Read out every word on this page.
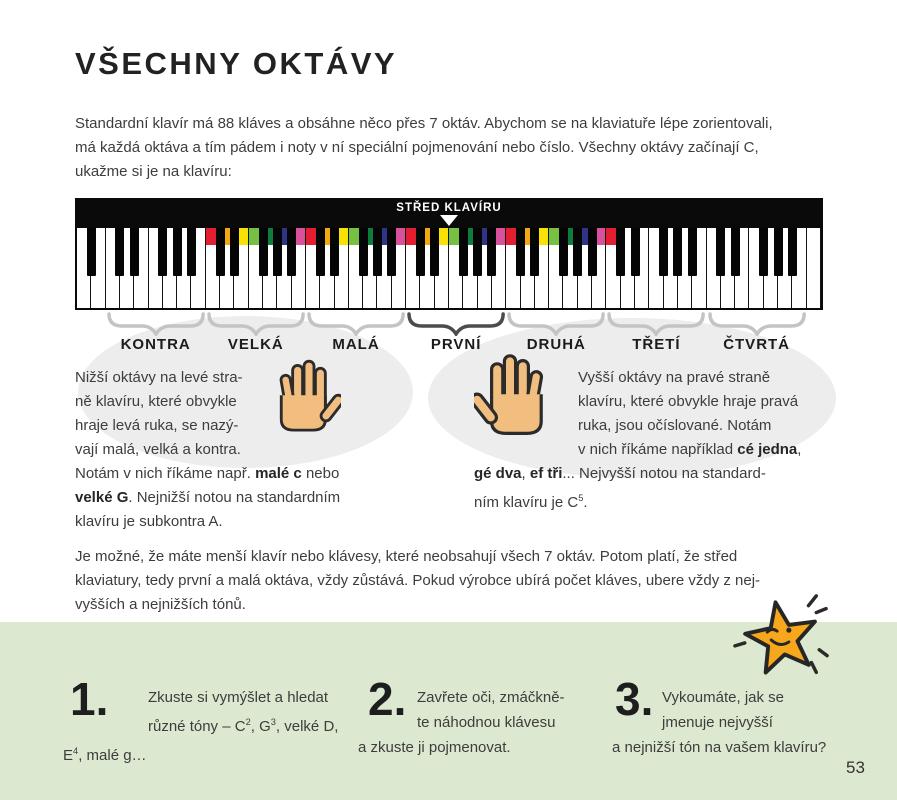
VŠECHNY OKTÁVY
Standardní klavír má 88 kláves a obsáhne něco přes 7 oktáv. Abychom se na klaviatuře lépe zorientovali,
má každá oktáva a tím pádem i noty v ní speciální pojmenování nebo číslo. Všechny oktávy začínají C,
ukažme si je na klavíru:
STŘED KLAVÍRU
KONTRA	VELKÁ	MALÁ	PRVNÍ	DRUHÁ	TŘETÍ	ČTVRTÁ
Nižší oktávy na levé stra-
ně klavíru, které obvykle
hraje levá ruka, se nazý-
vají malá, velká a kontra.
Notám v nich říkáme např. malé c nebo
velké G. Nejnižší notou na standardním
klavíru je subkontra A.
Vyšší oktávy na pravé straně
klavíru, které obvykle hraje pravá
ruka, jsou očíslované. Notám
v nich říkáme například cé jedna,
gé dva, ef tři... Nejvyšší notou na standard-
ním klavíru je $C^5$.
Je možné, že máte menší klavír nebo klávesy, které neobsahují všech 7 oktáv. Potom platí, že střed
klaviatury, tedy první a malá oktáva, vždy zůstává. Pokud výrobce ubírá počet kláves, ubere vždy z nej-
vyšších a nejnižších tónů.
1.	Zkuste si vymýšlet a hledat
různé tóny – $C^2$, $G^3$, velké D,
$E^4$, malé g…
2. Zavřete oči, zmáčkně-
te náhodnou klávesu
a zkuste ji pojmenovat.
3. Vykoumáte, jak se
jmenuje nejvyšší
a nejnižší tón na vašem klavíru?
53
